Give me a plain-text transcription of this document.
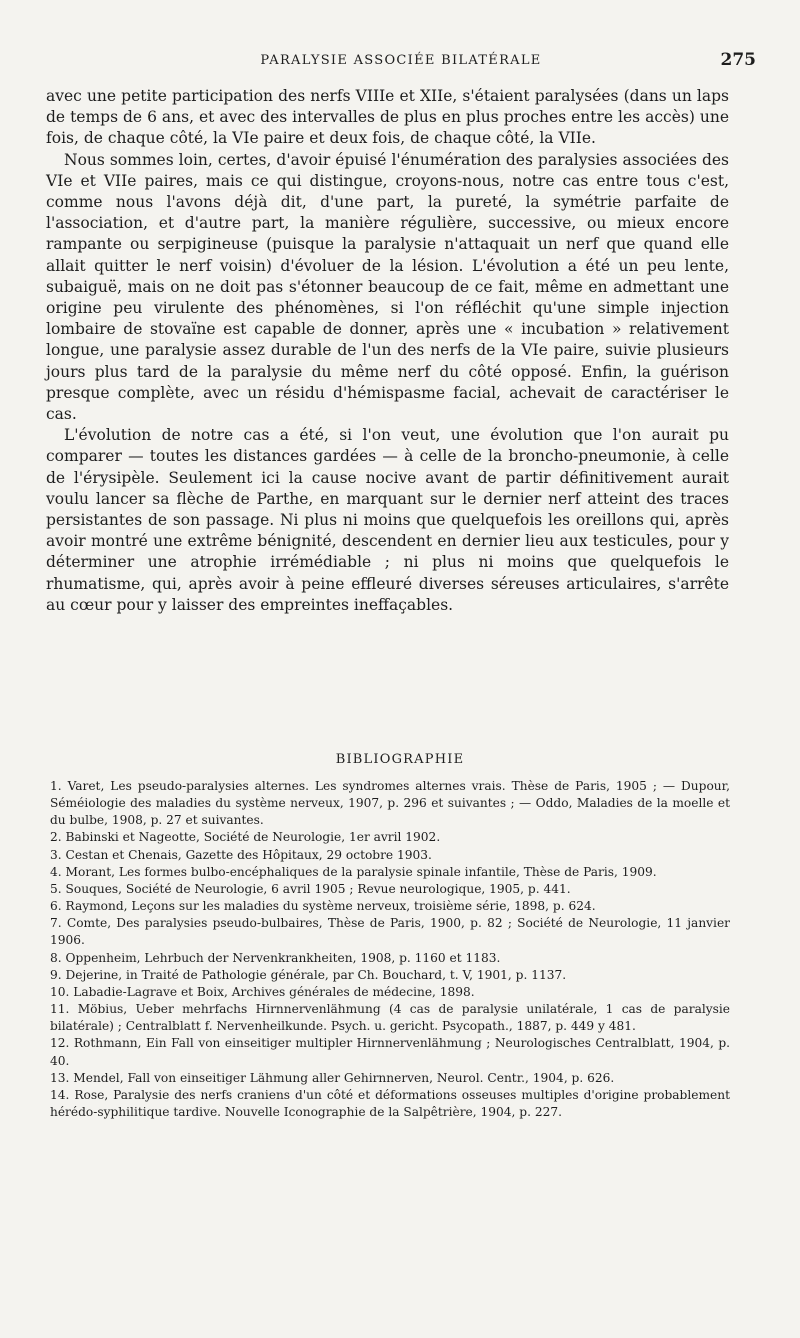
PARALYSIE ASSOCIÉE BILATÉRALE	275

avec une petite participation des nerfs VIIIe et XIIe, s'étaient paralysées (dans un laps de temps de 6 ans, et avec des intervalles de plus en plus proches entre les accès) une fois, de chaque côté, la VIe paire et deux fois, de chaque côté, la VIIe.

Nous sommes loin, certes, d'avoir épuisé l'énumération des paralysies associées des VIe et VIIe paires, mais ce qui distingue, croyons-nous, notre cas entre tous c'est, comme nous l'avons déjà dit, d'une part, la pureté, la symétrie parfaite de l'association, et d'autre part, la manière régulière, successive, ou mieux encore rampante ou serpigineuse (puisque la paralysie n'attaquait un nerf que quand elle allait quitter le nerf voisin) d'évoluer de la lésion. L'évolution a été un peu lente, subaiguë, mais on ne doit pas s'étonner beaucoup de ce fait, même en admettant une origine peu virulente des phénomènes, si l'on réfléchit qu'une simple injection lombaire de stovaïne est capable de donner, après une « incubation » relativement longue, une paralysie assez durable de l'un des nerfs de la VIe paire, suivie plusieurs jours plus tard de la paralysie du même nerf du côté opposé. Enfin, la guérison presque complète, avec un résidu d'hémispasme facial, achevait de caractériser le cas.

L'évolution de notre cas a été, si l'on veut, une évolution que l'on aurait pu comparer — toutes les distances gardées — à celle de la broncho-pneumonie, à celle de l'érysipèle. Seulement ici la cause nocive avant de partir définitivement aurait voulu lancer sa flèche de Parthe, en marquant sur le dernier nerf atteint des traces persistantes de son passage. Ni plus ni moins que quelquefois les oreillons qui, après avoir montré une extrême bénignité, descendent en dernier lieu aux testicules, pour y déterminer une atrophie irrémédiable ; ni plus ni moins que quelquefois le rhumatisme, qui, après avoir à peine effleuré diverses séreuses articulaires, s'arrête au cœur pour y laisser des empreintes ineffaçables.

BIBLIOGRAPHIE

1. Varet, Les pseudo-paralysies alternes. Les syndromes alternes vrais. Thèse de Paris, 1905 ; — Dupour, Séméiologie des maladies du système nerveux, 1907, p. 296 et suivantes ; — Oddo, Maladies de la moelle et du bulbe, 1908, p. 27 et suivantes.

2. Babinski et Nageotte, Société de Neurologie, 1er avril 1902.

3. Cestan et Chenais, Gazette des Hôpitaux, 29 octobre 1903.

4. Morant, Les formes bulbo-encéphaliques de la paralysie spinale infantile, Thèse de Paris, 1909.

5. Souques, Société de Neurologie, 6 avril 1905 ; Revue neurologique, 1905, p. 441.

6. Raymond, Leçons sur les maladies du système nerveux, troisième série, 1898, p. 624.

7. Comte, Des paralysies pseudo-bulbaires, Thèse de Paris, 1900, p. 82 ; Société de Neurologie, 11 janvier 1906.

8. Oppenheim, Lehrbuch der Nervenkrankheiten, 1908, p. 1160 et 1183.

9. Dejerine, in Traité de Pathologie générale, par Ch. Bouchard, t. V, 1901, p. 1137.

10. Labadie-Lagrave et Boix, Archives générales de médecine, 1898.

11. Möbius, Ueber mehrfachs Hirnnervenlähmung (4 cas de paralysie unilatérale, 1 cas de paralysie bilatérale) ; Centralblatt f. Nervenheilkunde. Psych. u. gericht. Psycopath., 1887, p. 449 y 481.

12. Rothmann, Ein Fall von einseitiger multipler Hirnnervenlähmung ; Neurologisches Centralblatt, 1904, p. 40.

13. Mendel, Fall von einseitiger Lähmung aller Gehirnnerven, Neurol. Centr., 1904, p. 626.

14. Rose, Paralysie des nerfs craniens d'un côté et déformations osseuses multiples d'origine probablement hérédo-syphilitique tardive. Nouvelle Iconographie de la Salpêtrière, 1904, p. 227.
